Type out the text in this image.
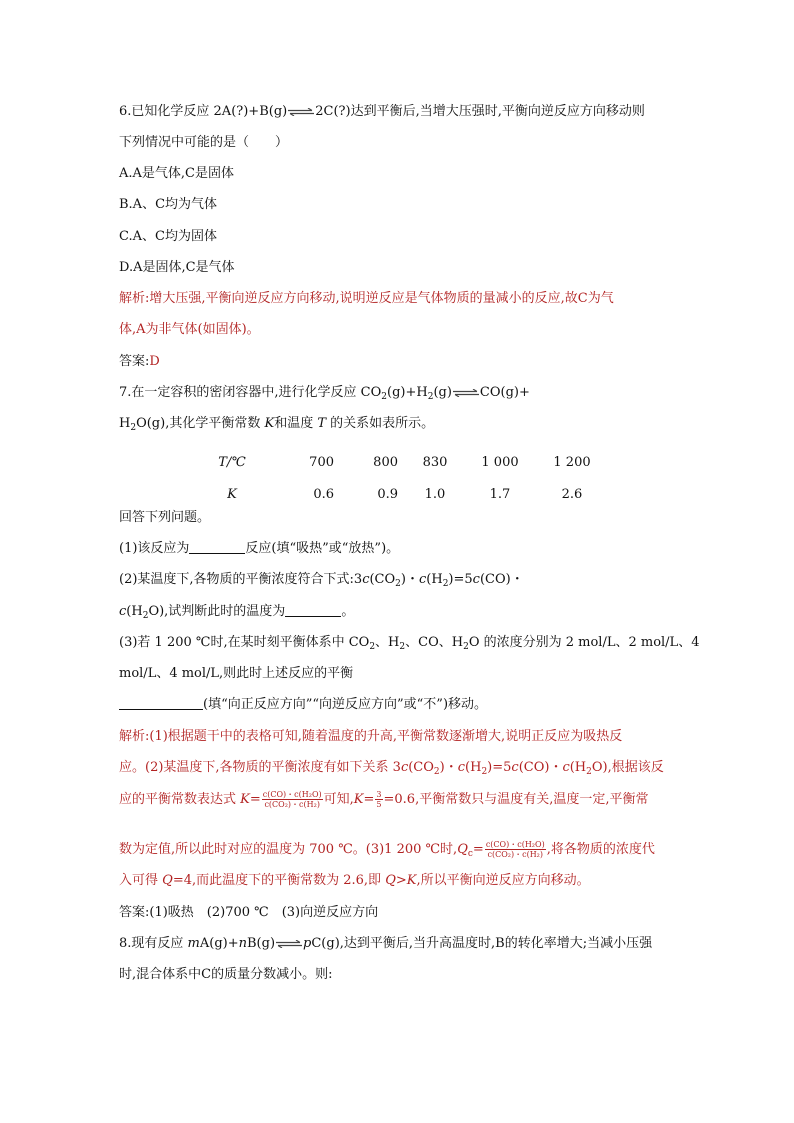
6.已知化学反应 2A(?)+B(g) 2C(?)达到平衡后,当增大压强时,平衡向逆反应方向移动则
下列情况中可能的是（　　）
A.A是气体,C是固体
B.A、C均为气体
C.A、C均为固体
D.A是固体,C是气体
解析:增大压强,平衡向逆反应方向移动,说明逆反应是气体物质的量减小的反应,故C为气
体,A为非气体(如固体)。
答案:D
7.在一定容积的密闭容器中,进行化学反应 $CO_2(g)+H_2(g)$ CO(g)+
$H_2O(g)$,其化学平衡常数 K和温度 T 的关系如表所示。
T/℃	700	800	830	1 000	1 200
K	0.6	0.9	1.0	1.7	2.6
回答下列问题。
(1)该反应为	反应(填“吸热”或“放热”)。
(2)某温度下,各物质的平衡浓度符合下式$:3c(CO_2)$・$c(H_2)=5c(CO)$・
$c(H_2O)$,试判断此时的温度为	。
(3)若 1 200 ℃时,在某时刻平衡体系中 $CO_2$、$H_2$、CO、$H_2O$ 的浓度分别为 2 mol/L、2 mol/L、4
mol/L、4 mol/L,则此时上述反应的平衡
(填“向正反应方向”“向逆反应方向”或“不”)移动。
解析:(1)根据题干中的表格可知,随着温度的升高,平衡常数逐渐增大,说明正反应为吸热反
应。(2)某温度下,各物质的平衡浓度有如下关系 $3c(CO_2)$・$c(H_2)=5c(CO)$・$c(H_2O)$,根据该反
应的平衡常数表达式 $K= \frac{\text{c(CO)・c(H₂O)}}{\text{c(CO₂)・c(H₂)}}$ 可知$,K= \frac{3}{5} =0.6$,平衡常数只与温度有关,温度一定,平衡常
数为定值,所以此时对应的温度为 700 ℃。(3)1 200 ℃时$,Q_c= \frac{\text{c(CO)・c(H₂O)}}{\text{c(CO₂)・c(H₂)}}$ ,将各物质的浓度代
入可得 Q=4,而此温度下的平衡常数为 2.6,即 Q>K,所以平衡向逆反应方向移动。
答案:(1)吸热　(2)700 ℃　(3)向逆反应方向
8.现有反应 mA(g)+nB(g) pC(g),达到平衡后,当升高温度时,B的转化率增大;当减小压强
时,混合体系中C的质量分数减小。则:
